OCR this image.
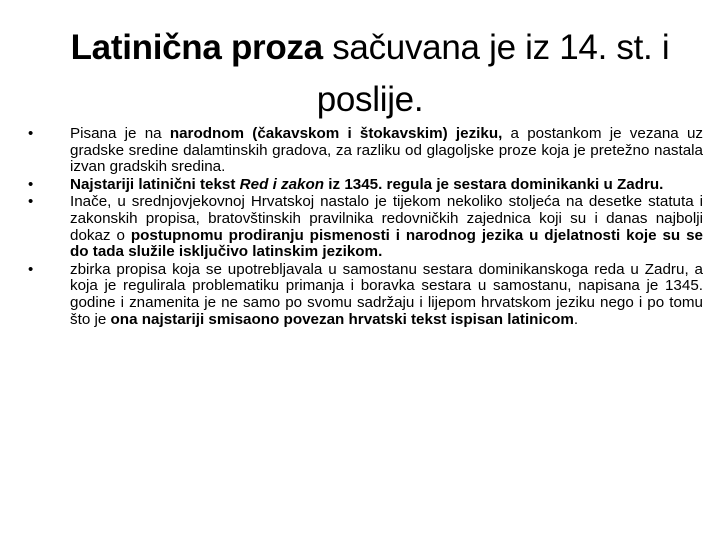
Latinična proza sačuvana je iz 14. st. i poslije.
•	Pisana je na narodnom (čakavskom i štokavskim) jeziku, a postankom je vezana uz gradske sredine dalamtinskih gradova, za razliku od glagoljske proze koja je pretežno nastala izvan gradskih sredina.
•	Najstariji latinični tekst Red i zakon iz 1345. regula je sestara dominikanki u Zadru.
•	Inače, u srednjovjekovnoj Hrvatskoj nastalo je tijekom nekoliko stoljeća na desetke statuta i zakonskih propisa, bratovštinskih pravilnika redovničkih zajednica koji su i danas najbolji dokaz o postupnomu prodiranju pismenosti i narodnog jezika u djelatnosti koje su se do tada služile isključivo latinskim jezikom.
•	zbirka propisa koja se upotrebljavala u samostanu sestara dominikanskoga reda u Zadru, a koja je regulirala problematiku primanja i boravka sestara u samostanu, napisana je 1345. godine i znamenita je ne samo po svomu sadržaju i lijepom hrvatskom jeziku nego i po tomu što je ona najstariji smisaono povezan hrvatski tekst ispisan latinicom.
